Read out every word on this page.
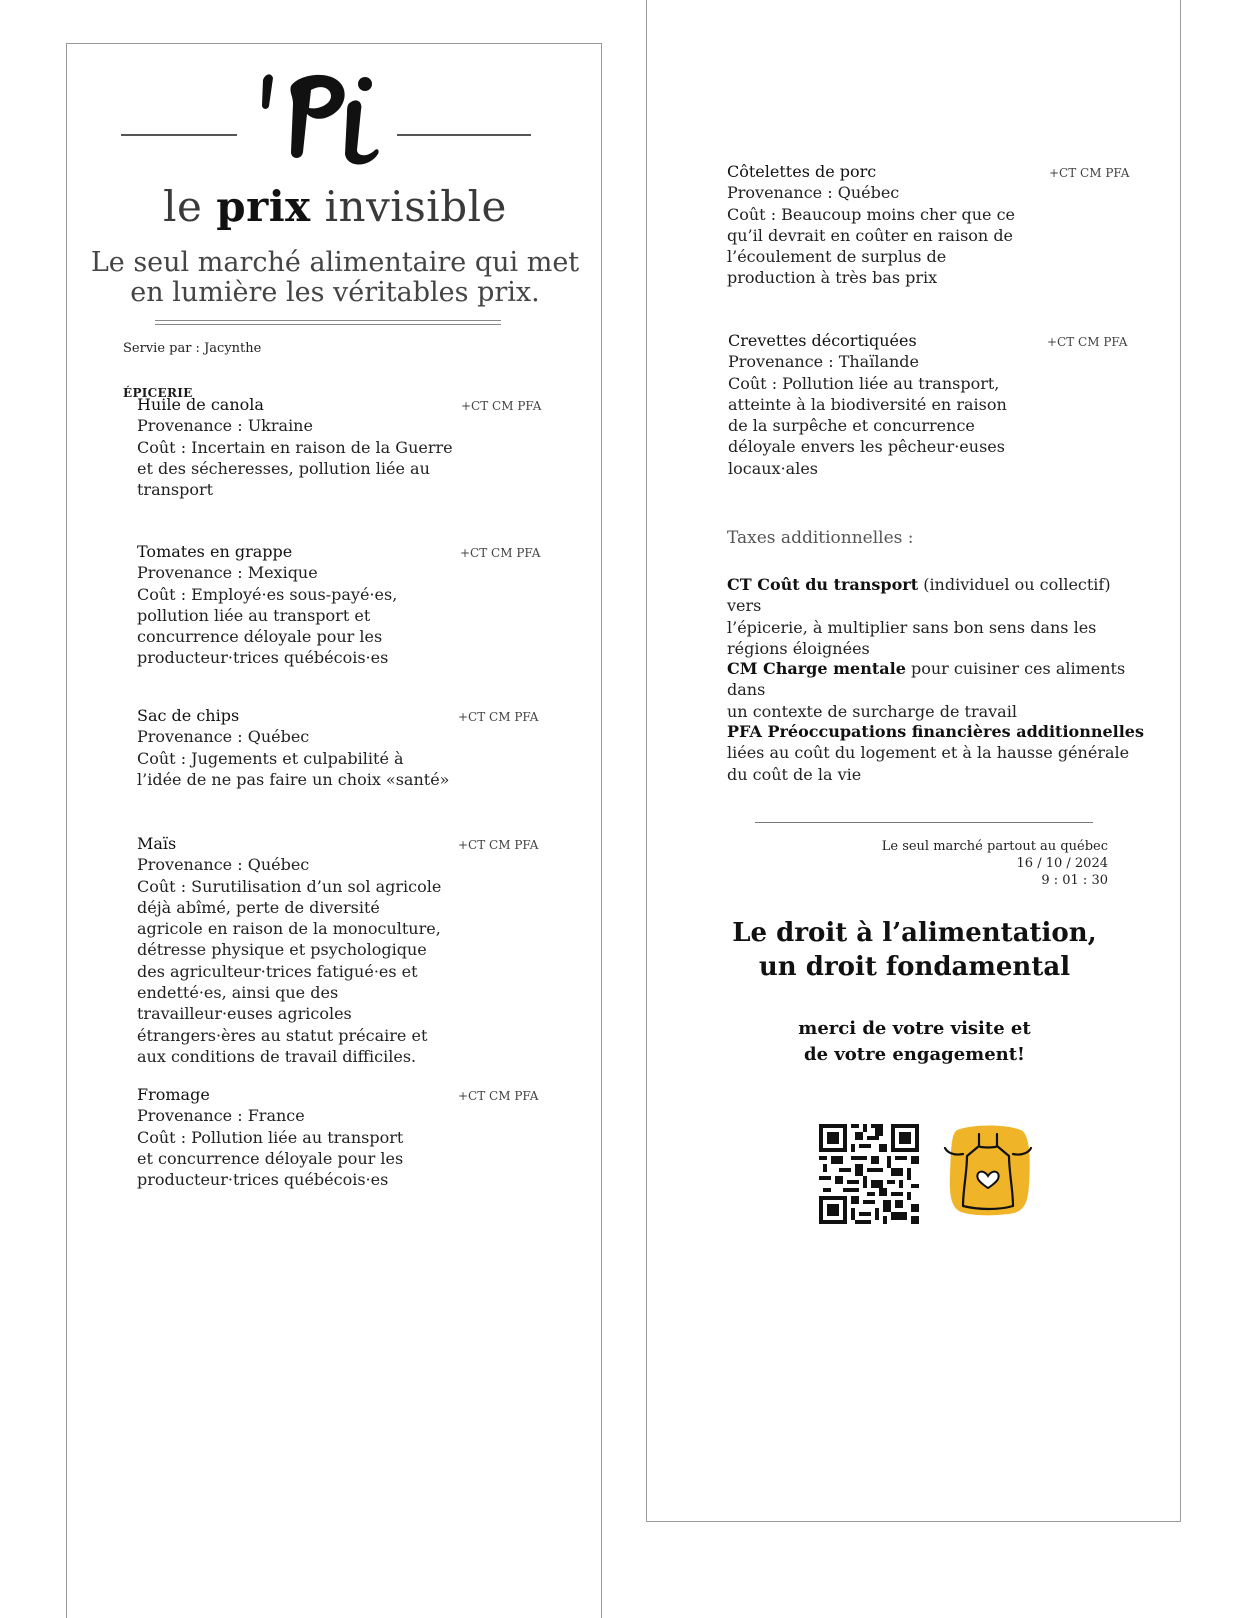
le prix invisible
Le seul marché alimentaire qui met
en lumière les véritables prix.
Servie par : Jacynthe
ÉPICERIE
Huile de canola
Provenance : Ukraine
Coût : Incertain en raison de la Guerre
et des sécheresses, pollution liée au
transport
+CT CM PFA
Tomates en grappe
Provenance : Mexique
Coût : Employé·es sous-payé·es,
pollution liée au transport et
concurrence déloyale pour les
producteur·trices québécois·es
+CT CM PFA
Sac de chips
Provenance : Québec
Coût : Jugements et culpabilité à
l’idée de ne pas faire un choix «santé»
+CT CM PFA
Maïs
Provenance : Québec
Coût : Surutilisation d’un sol agricole
déjà abîmé, perte de diversité
agricole en raison de la monoculture,
détresse physique et psychologique
des agriculteur·trices fatigué·es et
endetté·es, ainsi que des
travailleur·euses agricoles
étrangers·ères au statut précaire et
aux conditions de travail difficiles.
+CT CM PFA
Fromage
Provenance : France
Coût : Pollution liée au transport
et concurrence déloyale pour les
producteur·trices québécois·es
+CT CM PFA
Côtelettes de porc
Provenance : Québec
Coût : Beaucoup moins cher que ce
qu’il devrait en coûter en raison de
l’écoulement de surplus de
production à très bas prix
+CT CM PFA
Crevettes décortiquées
Provenance : Thaïlande
Coût : Pollution liée au transport,
atteinte à la biodiversité en raison
de la surpêche et concurrence
déloyale envers les pêcheur·euses
locaux·ales
+CT CM PFA
Taxes additionnelles :
CT Coût du transport (individuel ou collectif) vers
l’épicerie, à multiplier sans bon sens dans les
régions éloignées
CM Charge mentale pour cuisiner ces aliments dans
un contexte de surcharge de travail
PFA Préoccupations financières additionnelles
liées au coût du logement et à la hausse générale
du coût de la vie
Le seul marché partout au québec
16 / 10 / 2024
9 : 01 : 30
Le droit à l’alimentation,
un droit fondamental
merci de votre visite et
de votre engagement!
